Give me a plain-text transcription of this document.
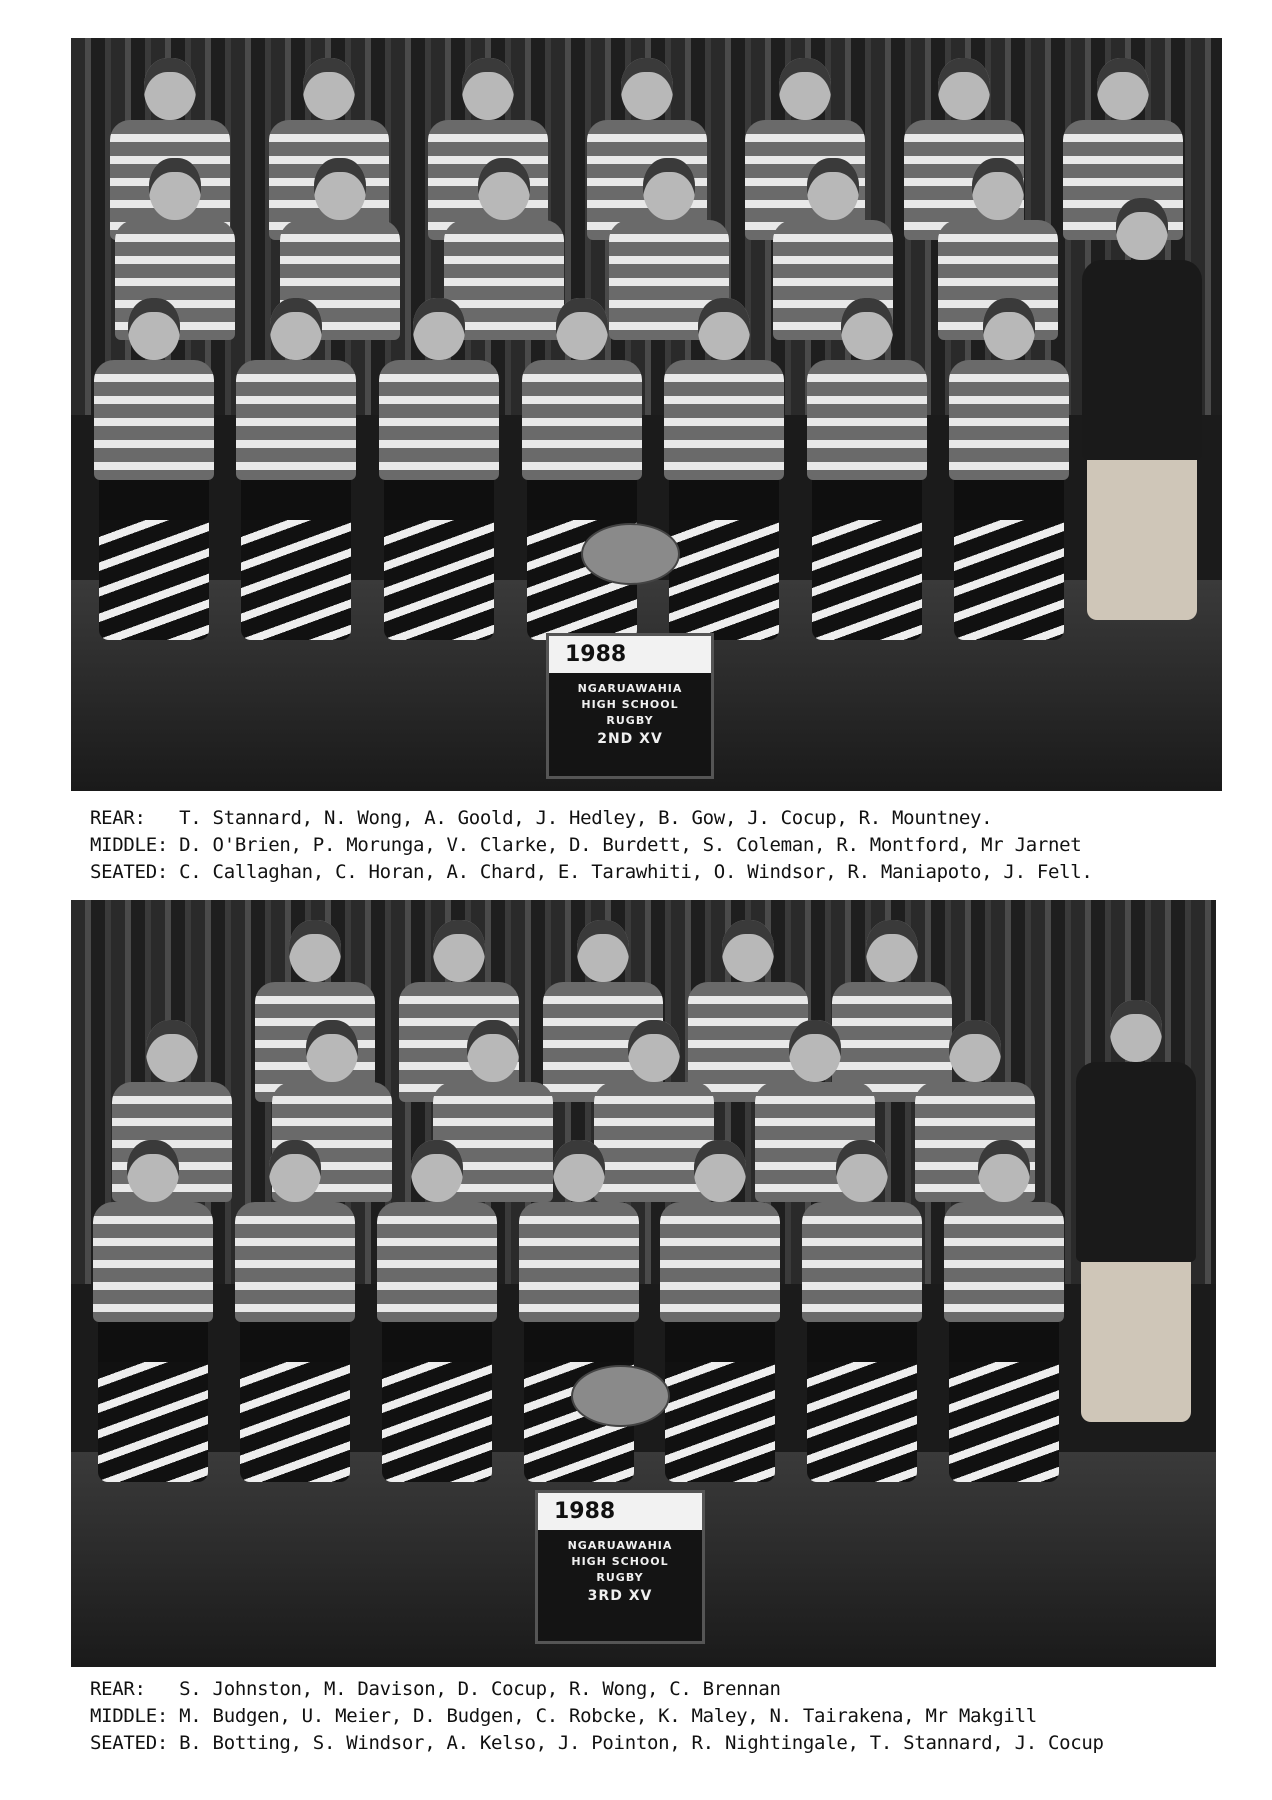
1988
NGARUAWAHIA
HIGH SCHOOL
RUGBY
2ND XV
REAR: T. Stannard, N. Wong, A. Goold, J. Hedley, B. Gow, J. Cocup, R. Mountney.
MIDDLE: D. O'Brien, P. Morunga, V. Clarke, D. Burdett, S. Coleman, R. Montford, Mr Jarnet
SEATED: C. Callaghan, C. Horan, A. Chard, E. Tarawhiti, O. Windsor, R. Maniapoto, J. Fell.
1988
NGARUAWAHIA
HIGH SCHOOL
RUGBY
3RD XV
REAR: S. Johnston, M. Davison, D. Cocup, R. Wong, C. Brennan
MIDDLE: M. Budgen, U. Meier, D. Budgen, C. Robcke, K. Maley, N. Tairakena, Mr Makgill
SEATED: B. Botting, S. Windsor, A. Kelso, J. Pointon, R. Nightingale, T. Stannard, J. Cocup
